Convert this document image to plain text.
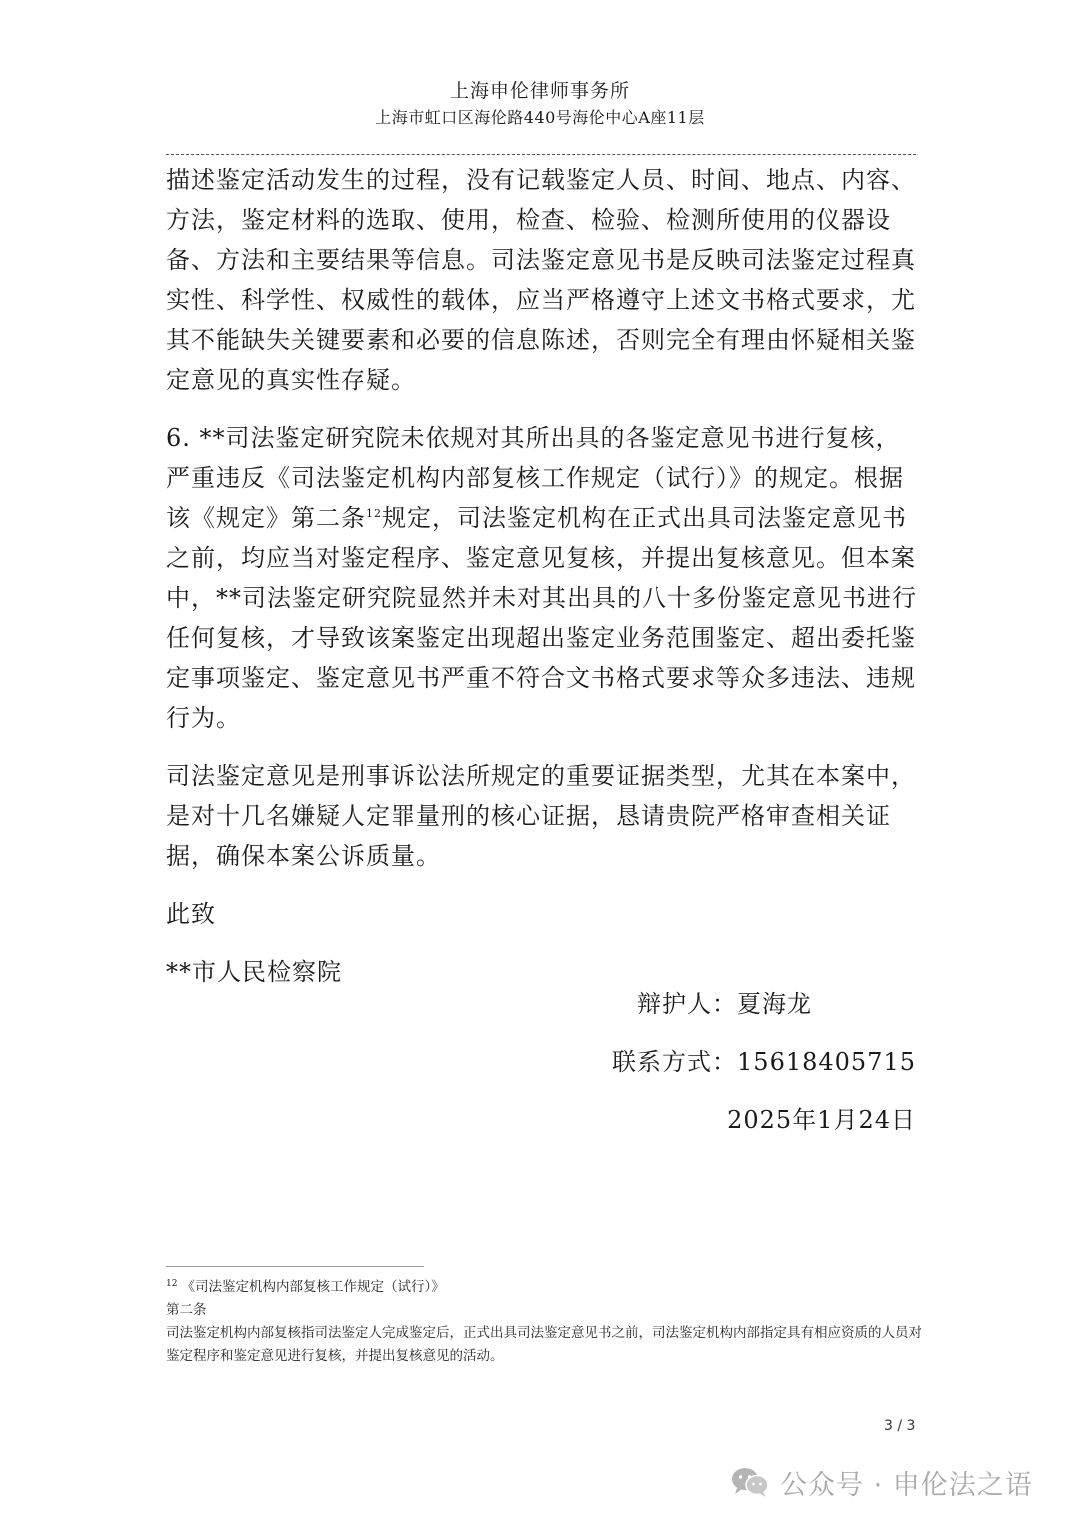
上海申伦律师事务所
上海市虹口区海伦路440号海伦中心A座11层

描述鉴定活动发生的过程，没有记载鉴定人员、时间、地点、内容、方法，鉴定材料的选取、使用，检查、检验、检测所使用的仪器设备、方法和主要结果等信息。司法鉴定意见书是反映司法鉴定过程真实性、科学性、权威性的载体，应当严格遵守上述文书格式要求，尤其不能缺失关键要素和必要的信息陈述，否则完全有理由怀疑相关鉴定意见的真实性存疑。

6. **司法鉴定研究院未依规对其所出具的各鉴定意见书进行复核，严重违反《司法鉴定机构内部复核工作规定（试行）》的规定。根据该《规定》第二条$^{12}$规定，司法鉴定机构在正式出具司法鉴定意见书之前，均应当对鉴定程序、鉴定意见复核，并提出复核意见。但本案中，**司法鉴定研究院显然并未对其出具的八十多份鉴定意见书进行任何复核，才导致该案鉴定出现超出鉴定业务范围鉴定、超出委托鉴定事项鉴定、鉴定意见书严重不符合文书格式要求等众多违法、违规行为。

司法鉴定意见是刑事诉讼法所规定的重要证据类型，尤其在本案中，是对十几名嫌疑人定罪量刑的核心证据，恳请贵院严格审查相关证据，确保本案公诉质量。

此致

**市人民检察院

辩护人：夏海龙
联系方式：15618405715
2025年1月24日
$^{12}$ 《司法鉴定机构内部复核工作规定（试行）》
第二条
司法鉴定机构内部复核指司法鉴定人完成鉴定后，正式出具司法鉴定意见书之前，司法鉴定机构内部指定具有相应资质的人员对鉴定程序和鉴定意见进行复核，并提出复核意见的活动。
3 / 3
公众号 · 申伦法之语
